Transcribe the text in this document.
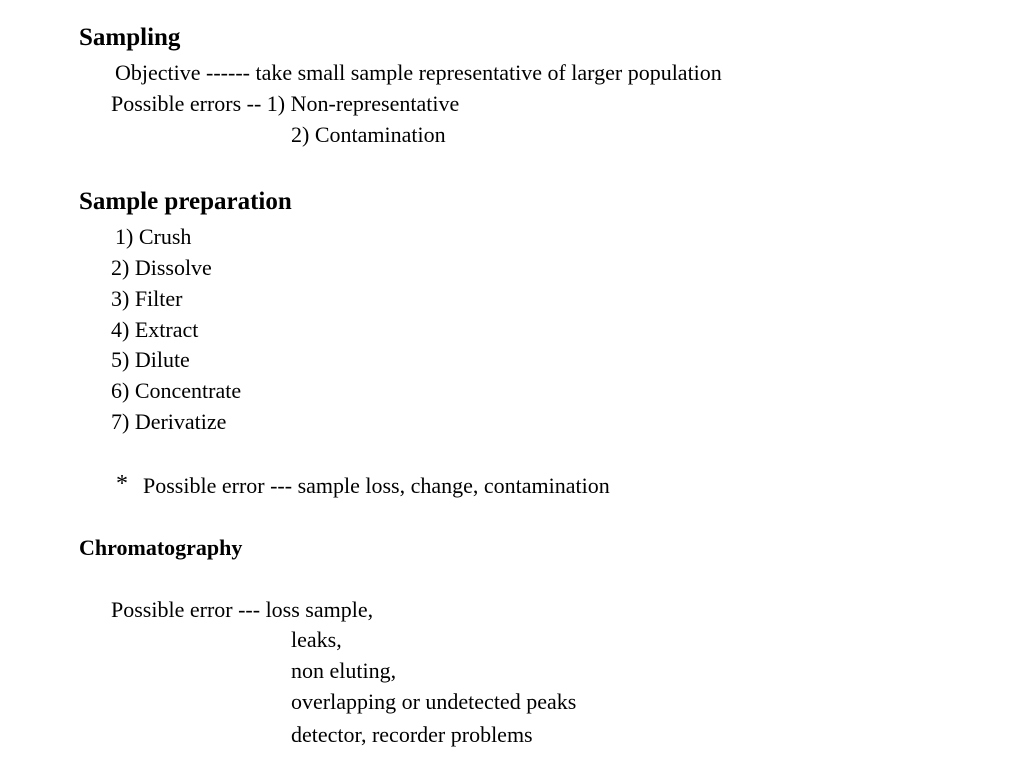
Sampling
Objective ------ take small sample representative of larger population
Possible errors -- 1) Non-representative
2) Contamination
Sample preparation
1) Crush
2) Dissolve
3) Filter
4) Extract
5) Dilute
6) Concentrate
7) Derivatize
* Possible error --- sample loss, change, contamination
Chromatography
Possible error --- loss sample,
leaks,
non eluting,
overlapping or undetected peaks
detector, recorder problems
